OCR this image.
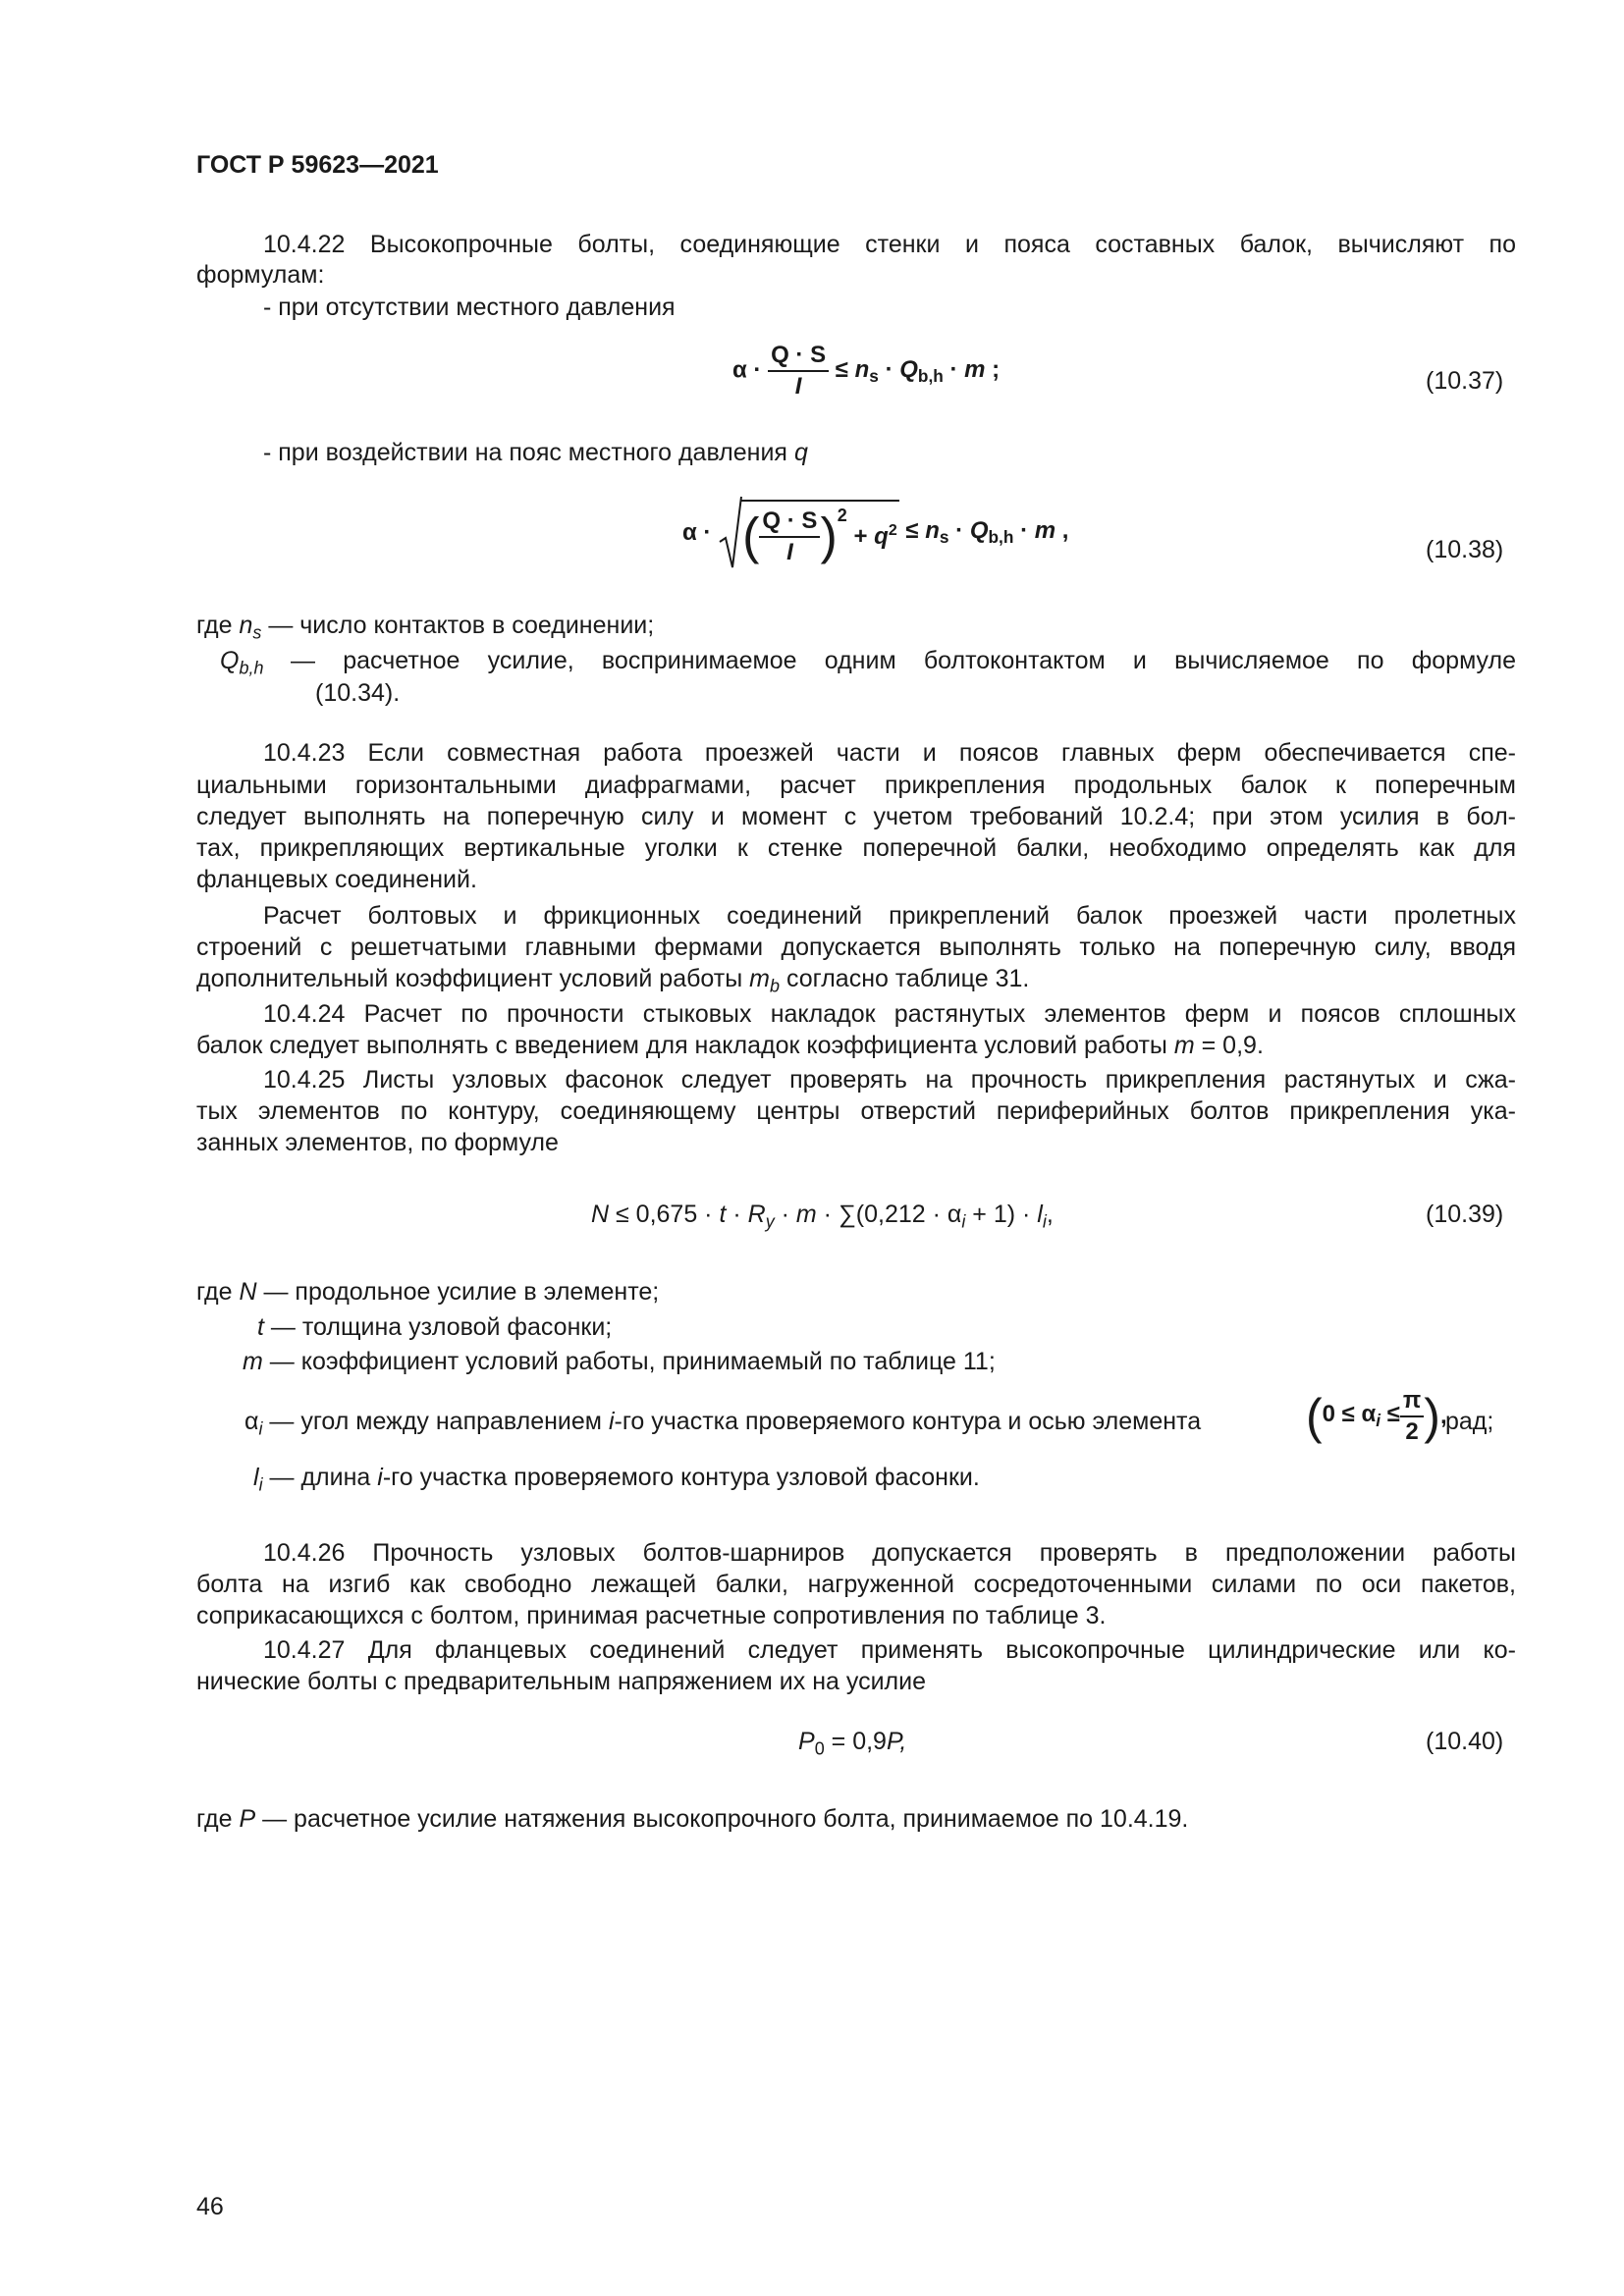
ГОСТ Р 59623—2021
10.4.22 Высокопрочные болты, соединяющие стенки и пояса составных балок, вычисляют по
формулам:
- при отсутствии местного давления
$\alpha \cdot \frac{Q \cdot S}{I} \le n_s \cdot Q_{b,h} \cdot m$ ;	(10.37)
- при воздействии на пояс местного давления q
α · ( $\frac{Q \cdot S}{I} )^2 + q^2 \le n_s \cdot Q_{b,h} \cdot m$ ,
(10.38)
где $n_s$ — число контактов в соединении;
$Q_{b,h}$ — расчетное усилие, воспринимаемое одним болтоконтактом и вычисляемое по формуле
(10.34).
10.4.23 Если совместная работа проезжей части и поясов главных ферм обеспечивается спе-
циальными горизонтальными диафрагмами, расчет прикрепления продольных балок к поперечным
следует выполнять на поперечную силу и момент с учетом требований 10.2.4; при этом усилия в бол-
тах, прикрепляющих вертикальные уголки к стенке поперечной балки, необходимо определять как для
фланцевых соединений.
Расчет болтовых и фрикционных соединений прикреплений балок проезжей части пролетных
строений с решетчатыми главными фермами допускается выполнять только на поперечную силу, вводя
дополнительный коэффициент условий работы $m_b$ согласно таблице 31.
10.4.24 Расчет по прочности стыковых накладок растянутых элементов ферм и поясов сплошных
балок следует выполнять с введением для накладок коэффициента условий работы m = 0,9.
10.4.25 Листы узловых фасонок следует проверять на прочность прикрепления растянутых и сжа-
тых элементов по контуру, соединяющему центры отверстий периферийных болтов прикрепления ука-
занных элементов, по формуле
$N \le 0,675 \cdot t \cdot R_y \cdot m \cdot \sum(0,212 \cdot \alpha_i + 1) \cdot l_i$,	(10.39)
где N — продольное усилие в элементе;
t — толщина узловой фасонки;
m — коэффициент условий работы, принимаемый по таблице 11;
$\alpha_i$ — угол между направлением i-го участка проверяемого контура и осью элемента ($0 \le \alpha_i \le \frac{\pi}{2}$ ),
рад;
$l_i$ — длина i-го участка проверяемого контура узловой фасонки.
10.4.26 Прочность узловых болтов-шарниров допускается проверять в предположении работы
болта на изгиб как свободно лежащей балки, нагруженной сосредоточенными силами по оси пакетов,
соприкасающихся с болтом, принимая расчетные сопротивления по таблице 3.
10.4.27 Для фланцевых соединений следует применять высокопрочные цилиндрические или ко-
нические болты с предварительным напряжением их на усилие
$P_0 = 0,9P$,	(10.40)
где P — расчетное усилие натяжения высокопрочного болта, принимаемое по 10.4.19.
46
